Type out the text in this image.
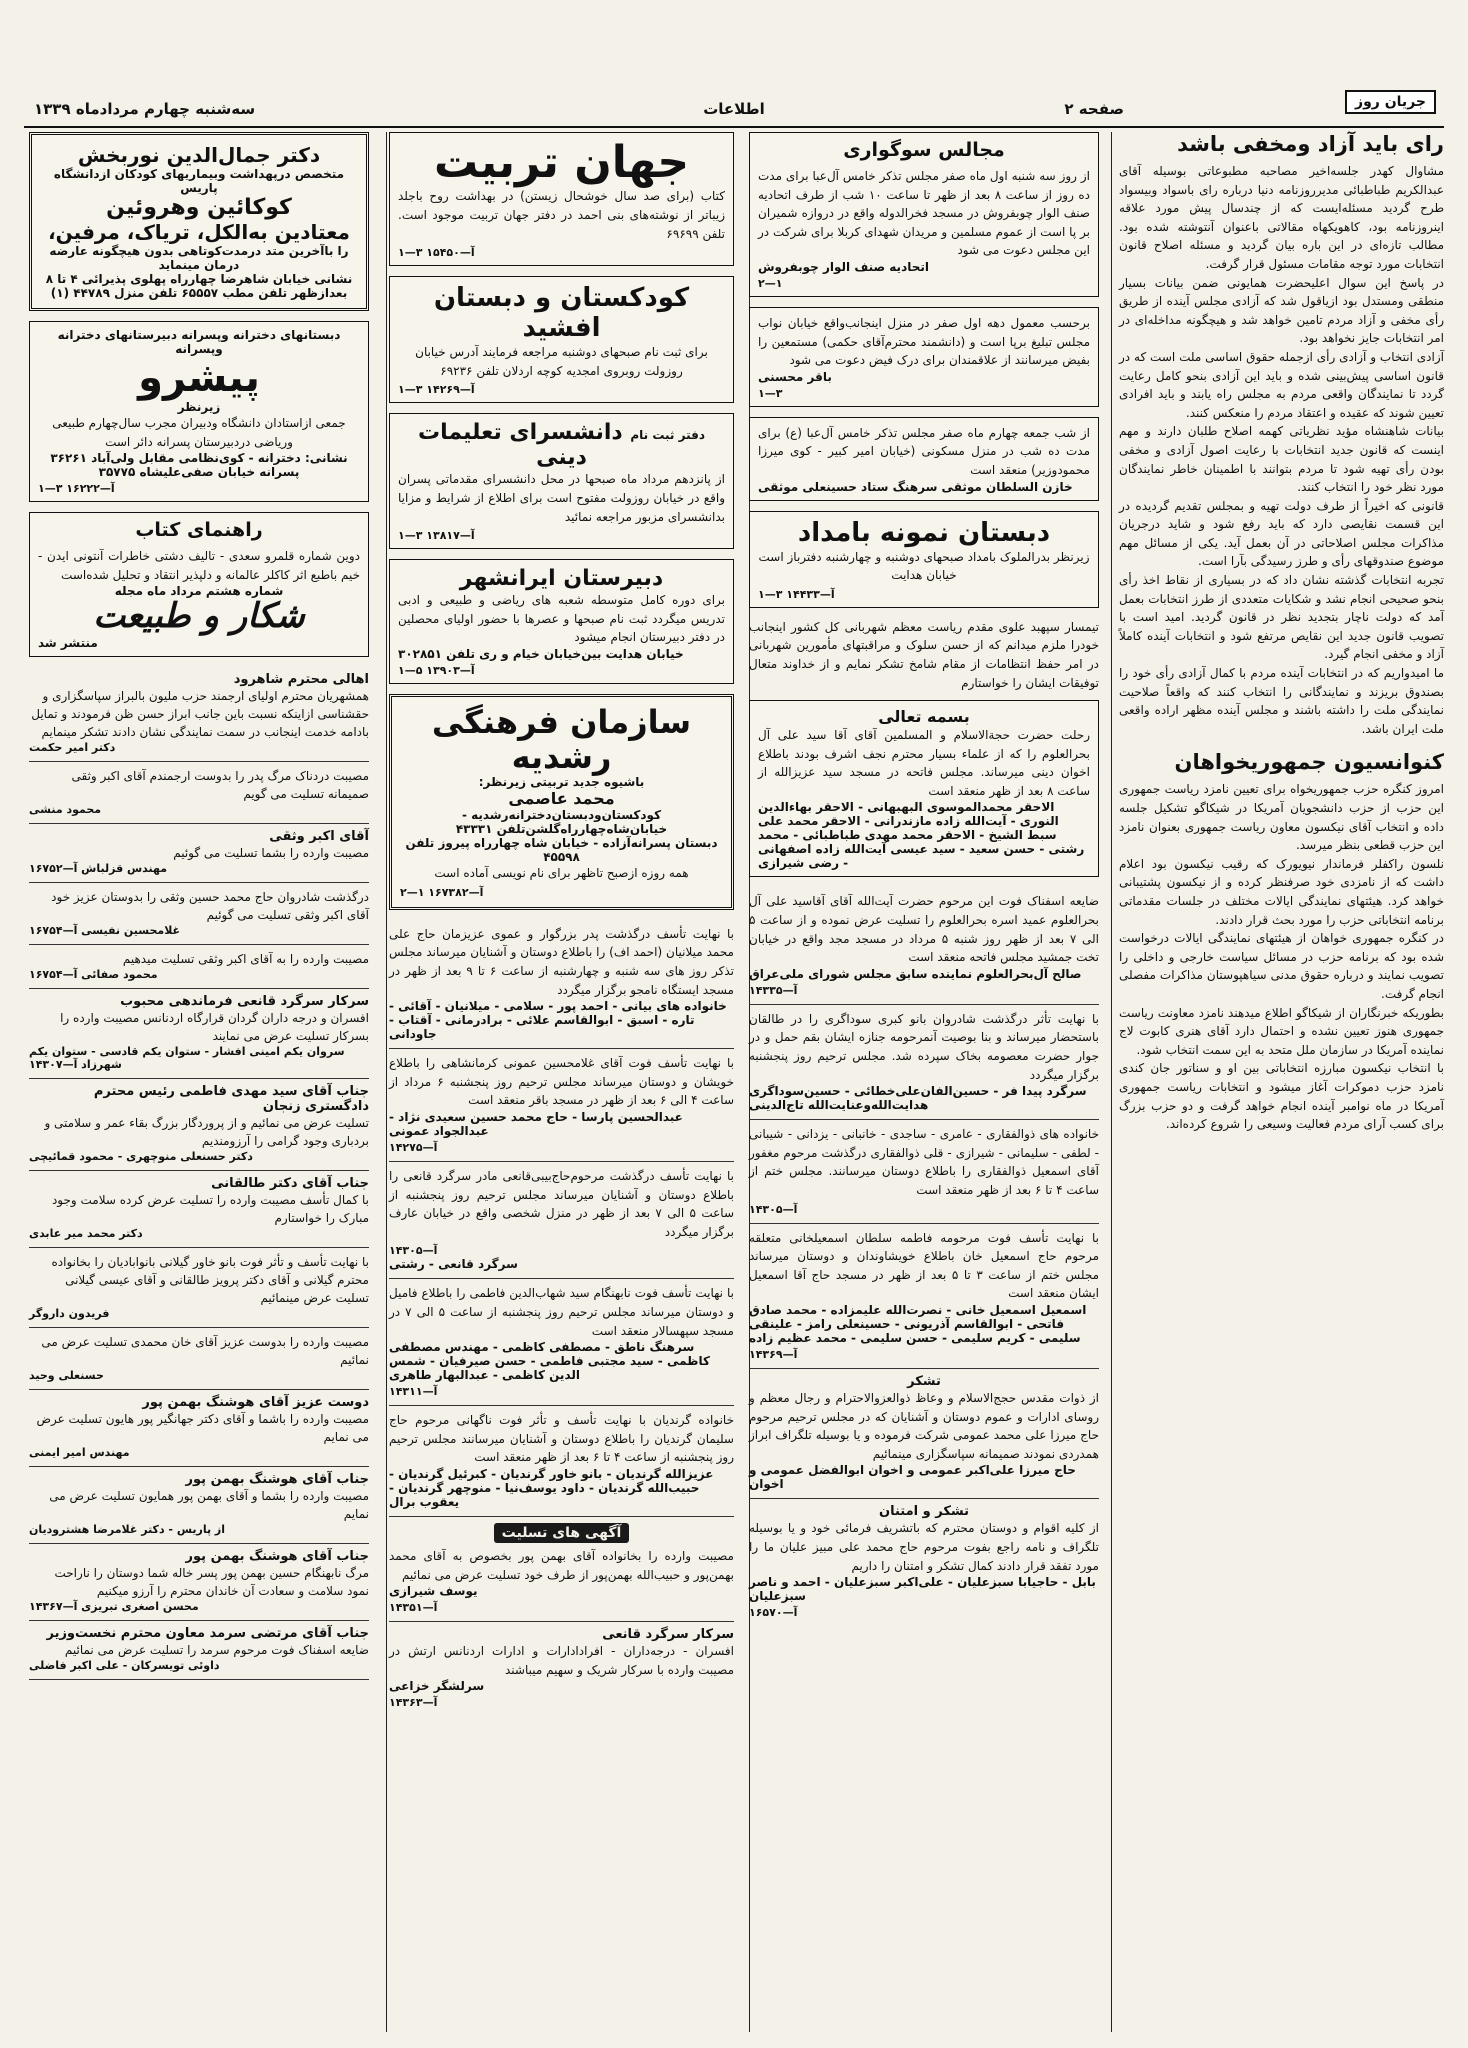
جریان روز
صفحه ۲
اطلاعات
سه‌شنبه چهارم مردادماه ۱۳۳۹
رای باید آزاد ومخفی باشد

مشاوال کهدر جلسه‌اخیر مصاحبه مطبوعاتی بوسیله آقای عبدالکریم طباطبائی مدیرروزنامه دنیا درباره رای باسواد وبیسواد طرح گردید مسئله‌ایست که از چندسال پیش مورد علاقه اینروزنامه بود، کاهویکهاه مقالاتی باعنوان آنتوشته شده بود. مطالب تازه‌ای در این باره بیان گردید و مسئله اصلاح قانون انتخابات مورد توجه مقامات مسئول قرار گرفت.

در پاسخ این سوال اعلیحضرت همایونی ضمن بیانات بسیار منطقی ومستدل بود ازیاقول شد که آزادی مجلس آینده از طریق رأی مخفی و آزاد مردم تامین خواهد شد و هیچگونه مداخله‌ای در امر انتخابات جایز نخواهد بود.

آزادی انتخاب و آزادی رأی ازجمله حقوق اساسی ملت است که در قانون اساسی پیش‌بینی شده و باید این آزادی بنحو کامل رعایت گردد تا نمایندگان واقعی مردم به مجلس راه یابند و باید افرادی تعیین شوند که عقیده و اعتقاد مردم را منعکس کنند.

بیانات شاهنشاه مؤید نظریاتی کهمه اصلاح طلبان دارند و مهم اینست که قانون جدید انتخابات با رعایت اصول آزادی و مخفی بودن رأی تهیه شود تا مردم بتوانند با اطمینان خاطر نمایندگان مورد نظر خود را انتخاب کنند.

قانونی که اخیراً از طرف دولت تهیه و بمجلس تقدیم گردیده در این قسمت نقایصی دارد که باید رفع شود و شاید درجریان مذاکرات مجلس اصلاحاتی در آن بعمل آید. یکی از مسائل مهم موضوع صندوقهای رأی و طرز رسیدگی بآرا است.

تجربه انتخابات گذشته نشان داد که در بسیاری از نقاط اخذ رأی بنحو صحیحی انجام نشد و شکایات متعددی از طرز انتخابات بعمل آمد که دولت ناچار بتجدید نظر در قانون گردید. امید است با تصویب قانون جدید این نقایص مرتفع شود و انتخابات آینده کاملاً آزاد و مخفی انجام گیرد.

ما امیدواریم که در انتخابات آینده مردم با کمال آزادی رأی خود را بصندوق بریزند و نمایندگانی را انتخاب کنند که واقعاً صلاحیت نمایندگی ملت را داشته باشند و مجلس آینده مظهر اراده واقعی ملت ایران باشد.

کنوانسیون جمهوریخواهان

امروز کنگره حزب جمهوریخواه برای تعیین نامزد ریاست جمهوری این حزب از حزب دانشجویان آمریکا در شیکاگو تشکیل جلسه داده و انتخاب آقای نیکسون معاون ریاست جمهوری بعنوان نامزد این حزب قطعی بنظر میرسد.

نلسون راکفلر فرماندار نیویورک که رقیب نیکسون بود اعلام داشت که از نامزدی خود صرفنظر کرده و از نیکسون پشتیبانی خواهد کرد. هیئتهای نمایندگی ایالات مختلف در جلسات مقدماتی برنامه انتخاباتی حزب را مورد بحث قرار دادند.

در کنگره جمهوری خواهان از هیئتهای نمایندگی ایالات درخواست شده بود که برنامه حزب در مسائل سیاست خارجی و داخلی را تصویب نمایند و درباره حقوق مدنی سیاهپوستان مذاکرات مفصلی انجام گرفت.

بطوریکه خبرنگاران از شیکاگو اطلاع میدهند نامزد معاونت ریاست جمهوری هنوز تعیین نشده و احتمال دارد آقای هنری کابوت لاج نماینده آمریکا در سازمان ملل متحد به این سمت انتخاب شود.

با انتخاب نیکسون مبارزه انتخاباتی بین او و سناتور جان کندی نامزد حزب دموکرات آغاز میشود و انتخابات ریاست جمهوری آمریکا در ماه نوامبر آینده انجام خواهد گرفت و دو حزب بزرگ برای کسب آرای مردم فعالیت وسیعی را شروع کرده‌اند.

مجالس سوگواری

از روز سه شنبه اول ماه صفر مجلس تذکر خامس آل‌عبا برای مدت ده روز از ساعت ۸ بعد از ظهر تا ساعت ۱۰ شب از طرف اتحادیه صنف الوار چوبفروش در مسجد فخرالدوله واقع در دروازه شمیران بر پا است از عموم مسلمین و مریدان شهدای کربلا برای شرکت در این مجلس دعوت می شود

اتحادیه صنف الوار چوبفروش
۲—۱

برحسب معمول دهه اول صفر در منزل اینجانب‌واقع خیابان نواب مجلس تبلیغ برپا است و (دانشمند محترم‌آقای حکمی) مستمعین را بفیض میرسانند از علاقمندان برای درک فیض دعوت می شود

باقر محسنی
۱—۳

از شب جمعه چهارم ماه صفر مجلس تذکر خامس آل‌عبا (ع) برای مدت ده شب در منزل مسکونی (خیابان امیر کبیر - کوی میرزا محمودوزیر) منعقد است

خازن السلطان موثقی سرهنگ ستاد حسینعلی موثقی
دبستان نمونه بامداد

زیرنظر بدرالملوک بامداد صبحهای دوشنبه و چهارشنبه دفترباز است خیابان هدایت

آ—۱۴۴۳۳ ۳—۱

تیمسار سپهبد علوی مقدم ریاست معظم شهربانی کل کشور اینجانب خودرا ملزم میدانم که از حسن سلوک و مراقبتهای مأمورین شهربانی در امر حفظ انتظامات از مقام شامخ تشکر نمایم و از خداوند متعال توفیقات ایشان را خواستارم

بسمه تعالی

رحلت حضرت حجة‌الاسلام و المسلمین آقای آقا سید علی آل بحرالعلوم را که از علماء بسیار محترم نجف اشرف بودند باطلاع اخوان دینی میرساند. مجلس فاتحه در مسجد سید عزیزالله از ساعت ۸ بعد از ظهر منعقد است

الاحقر محمدالموسوی البهبهانی - الاحقر بهاءالدین النوری - آیت‌الله زاده مازندرانی - الاحقر محمد علی سبط الشیخ - الاحقر محمد مهدی طباطبائی - محمد رشتی - حسن سعید - سید عیسی آیت‌الله زاده اصفهانی - رضی شیرازی

ضایعه اسفناک فوت این مرحوم حضرت آیت‌الله آقای آقاسید علی آل بحرالعلوم عمید اسره بحرالعلوم را تسلیت عرض نموده و از ساعت ۵ الی ۷ بعد از ظهر روز شنبه ۵ مرداد در مسجد مجد واقع در خیابان تخت جمشید مجلس فاتحه منعقد است

صالح آل‌بحرالعلوم نماینده سابق مجلس شورای ملی‌عراق
آ—۱۴۳۳۵

با نهایت تأثر درگذشت شادروان بانو کبری سوداگری را در طالقان باستحضار میرساند و بنا بوصیت آنمرحومه جنازه ایشان بقم حمل و در جوار حضرت معصومه بخاک سپرده شد. مجلس ترحیم روز پنجشنبه برگزار میگردد

سرگرد پیدا فر - حسین‌الفان‌علی‌خطائی - حسین‌سوداگری هدایت‌الله‌وعنایت‌الله تاج‌الدینی

خانواده های ذوالفقاری - عامری - ساجدی - خانبانی - یزدانی - شیبانی - لطفی - سلیمانی - شیرازی - قلی ذوالفقاری درگذشت مرحوم مغفور آقای اسمعیل ذوالفقاری را باطلاع دوستان میرسانند. مجلس ختم از ساعت ۴ تا ۶ بعد از ظهر منعقد است

آ—۱۴۳۰۵

با نهایت تأسف فوت مرحومه فاطمه سلطان اسمعیلخانی متعلقه مرحوم حاج اسمعیل خان باطلاع خویشاوندان و دوستان میرساند مجلس ختم از ساعت ۳ تا ۵ بعد از ظهر در مسجد حاج آقا اسمعیل ایشان منعقد است

اسمعیل اسمعیل خانی - نصرت‌الله علیمزاده - محمد صادق فاتحی - ابوالقاسم آذریونی - حسینعلی رامز - علینقی سلیمی - کریم سلیمی - حسن سلیمی - محمد عظیم زاده
آ—۱۴۳۶۹
تشکر

از ذوات مقدس حجج‌الاسلام و وعاظ ذوالعزوالاحترام و رجال معظم و روسای ادارات و عموم دوستان و آشنایان که در مجلس ترحیم مرحوم حاج میرزا علی محمد عمومی شرکت فرموده و یا بوسیله تلگراف ابراز همدردی نمودند صمیمانه سپاسگزاری مینمائیم

حاج میرزا علی‌اکبر عمومی و اخوان ابوالفضل عمومی و اخوان
تشکر و امتنان

از کلیه اقوام و دوستان محترم که باتشریف فرمائی خود و یا بوسیله تلگراف و نامه راجع بفوت مرحوم حاج محمد علی مبیز علیان ما را مورد تفقد قرار دادند کمال تشکر و امتنان را داریم

بابل - حاجیابا سبزعلیان - علی‌اکبر سبزعلیان - احمد و ناصر سبزعلیان
آ—۱۶۵۷۰
جهان تربیت

کتاب (برای صد سال خوشحال زیستن) در بهداشت روح باجلد زیباتر از نوشته‌های بنی احمد در دفتر جهان تربیت موجود است. تلفن ۶۹۶۹۹

آ—۱۵۴۵۰ ۳—۱
کودکستان و دبستان افشید

برای ثبت نام صبحهای دوشنبه مراجعه فرمایند آدرس خیابان روزولت روبروی امجدیه کوچه اردلان تلفن ۶۹۲۳۶

آ—۱۴۲۶۹ ۳—۱
دفتر ثبت نام دانشسرای تعلیمات دینی

از پانزدهم مرداد ماه صبحها در محل دانشسرای مقدماتی پسران واقع در خیابان روزولت مفتوح است برای اطلاع از شرایط و مزایا بدانشسرای مزبور مراجعه نمائید

آ—۱۳۸۱۷ ۳—۱
دبیرستان ایرانشهر

برای دوره کامل متوسطه شعبه های ریاضی و طبیعی و ادبی تدریس میگردد ثبت نام صبحها و عصرها با حضور اولیای محصلین در دفتر دبیرستان انجام میشود

خیابان هدایت بین‌خیابان خیام و ری تلفن ۳۰۲۸۵۱
آ—۱۳۹۰۳ ۵—۱
سازمان فرهنگی رشدیه
باشیوه جدید تربیتی زیرنظر:
محمد عاصمی
کودکستان‌ودبستان‌دخترانه‌رشدیه - خیابان‌شاه‌چهارراه‌گلشن‌تلفن ۴۳۳۳۱
دبستان پسرانه‌آزاده - خیابان شاه چهارراه پیروز تلفن ۴۵۵۹۸
همه روزه ازصبح تاظهر برای نام نویسی آماده است
آ—۱۶۷۳۸۲ ۱—۲

با نهایت تأسف درگذشت پدر بزرگوار و عموی عزیزمان حاج علی محمد میلانیان (احمد اف) را باطلاع دوستان و آشنایان میرساند مجلس تذکر روز های سه شنبه و چهارشنبه از ساعت ۶ تا ۹ بعد از ظهر در مسجد ایستگاه نامجو برگزار میگردد

خانواده های بیانی - احمد پور - سلامی - میلانیان - آقائی - تاره - اسبق - ابوالقاسم علائی - برادرمانی - آقتاب - جاودانی

با نهایت تأسف فوت آقای غلامحسین عمونی کرمانشاهی را باطلاع خویشان و دوستان میرساند مجلس ترحیم روز پنجشنبه ۶ مرداد از ساعت ۴ الی ۶ بعد از ظهر در مسجد باقر منعقد است

عبدالحسین پارسا - حاج محمد حسین سعیدی نژاد - عبدالجواد عمونی
آ—۱۴۲۷۵

با نهایت تأسف درگذشت مرحوم‌حاج‌بیبی‌قانعی مادر سرگرد قانعی را باطلاع دوستان و آشنایان میرساند مجلس ترحیم روز پنجشنبه از ساعت ۵ الی ۷ بعد از ظهر در منزل شخصی واقع در خیابان عارف برگزار میگردد

آ—۱۴۳۰۵
سرگرد قانعی - رشتی

با نهایت تأسف فوت نابهنگام سید شهاب‌الدین فاطمی را باطلاع فامیل و دوستان میرساند مجلس ترحیم روز پنجشنبه از ساعت ۵ الی ۷ در مسجد سپهسالار منعقد است

سرهنگ ناطق - مصطفی کاظمی - مهندس مصطفی کاظمی - سید مجتبی فاطمی - حسن صیرفیان - شمس الدین کاظمی - عبدالبهار طاهری
آ—۱۴۳۱۱

خانواده گرندیان با نهایت تأسف و تأثر فوت ناگهانی مرحوم حاج سلیمان گرندیان را باطلاع دوستان و آشنایان میرسانند مجلس ترحیم روز پنجشنبه از ساعت ۴ تا ۶ بعد از ظهر منعقد است

عزیزالله گرندیان - بانو خاور گرندیان - کبرئیل گرندیان - حبیب‌الله گرندیان - داود یوسف‌نیا - منوچهر گرندیان - یعقوب برال
آگهی های تسلیت

مصیبت وارده را بخانواده آقای بهمن پور بخصوص به آقای محمد بهمن‌پور و حبیب‌الله بهمن‌پور از طرف خود تسلیت عرض می نمائیم

یوسف شیرازی
آ—۱۴۳۵۱
سرکار سرگرد قانعی

افسران - درجه‌داران - افرادادارات و ادارات اردنانس ارتش در مصیبت وارده با سرکار شریک و سهیم میباشند

سرلشگر خزاعی
آ—۱۴۳۶۳
دکتر جمال‌الدین نوربخش
متخصص درپهداشت وبیماریهای کودکان ازدانشگاه پاریس
کوکائین وهروئین
معتادین به‌الکل، تریاک، مرفین،
را باآخرین متد درمدت‌کوتاهی بدون هیچگونه عارضه درمان مینماید
نشانی خیابان شاهرضا چهارراه پهلوی پذیرائی ۴ تا ۸ بعدازظهر تلفن مطب ۶۵۵۵۷ تلفن منزل ۴۴۷۸۹ (۱)
دبستانهای دخترانه وپسرانه دبیرستانهای دخترانه وپسرانه
پیشرو
زیرنظر

جمعی ازاستادان دانشگاه ودبیران مجرب سال‌چهارم طبیعی وریاضی دردبیرستان پسرانه دائر است

نشانی: دخترانه - کوی‌نظامی مقابل ولی‌آباد ۳۶۲۶۱ پسرانه خیابان صفی‌علیشاه ۳۵۷۷۵
آ—۱۶۲۲۲ ۳—۱
راهنمای کتاب

دوین شماره قلمرو سعدی - تالیف دشتی خاطرات آنتونی ایدن - خیم باطبع اثر کاکلر عالمانه و دلپذیر انتقاد و تحلیل شده‌است

شماره هشتم مرداد ماه مجله
شکار و طبیعت
منتشر شد
اهالی محترم شاهرود
همشهریان محترم اولیای ارجمند حزب ملیون بالبراز سپاسگزاری و حقشناسی ازاینکه نسبت باین جانب ابراز حسن ظن فرمودند و تمایل بادامه خدمت اینجانب در سمت نمایندگی نشان دادند تشکر مینمایم
دکتر امیر حکمت
مصیبت دردناک مرگ پدر را بدوست ارجمندم آقای اکبر وثقی صمیمانه تسلیت می گویم
محمود منشی
آقای اکبر وثقی
مصیبت وارده را بشما تسلیت می گوئیم
مهندس قزلباش آ—۱۶۷۵۲
درگذشت شادروان حاج محمد حسین وثقی را بدوستان عزیز خود آقای اکبر وثقی تسلیت می گوئیم
غلامحسین نفیسی آ—۱۶۷۵۴
مصیبت وارده را به آقای اکبر وثقی تسلیت میدهیم
محمود صفائی آ—۱۶۷۵۴
سرکار سرگرد قانعی فرماندهی محبوب
افسران و درجه داران گردان قرارگاه اردنانس مصیبت وارده را بسرکار تسلیت عرض می نمایند
سروان یکم امینی افشار - ستوان یکم قادسی - ستوان یکم شهرزاد آ—۱۴۳۰۷
جناب آقای سید مهدی فاطمی رئیس محترم دادگستری زنجان
تسلیت عرض می نمائیم و از پروردگار بزرگ بقاء عمر و سلامتی و بردباری وجود گرامی را آرزومندیم
دکتر حسنعلی منوچهری - محمود قمائیچی
جناب آقای دکتر طالقانی
با کمال تأسف مصیبت وارده را تسلیت عرض کرده سلامت وجود مبارک را خواستارم
دکتر محمد میر عابدی
با نهایت تأسف و تأثر فوت بانو خاور گیلانی بانوابادیان را بخانواده محترم گیلانی و آقای دکتر پرویز طالقانی و آقای عیسی گیلانی تسلیت عرض مینمائیم
فریدون داروگر
مصیبت وارده را بدوست عزیز آقای خان محمدی تسلیت عرض می نمائیم
حسنعلی وحید
دوست عزیز آقای هوشنگ بهمن پور
مصیبت وارده را باشما و آقای دکتر جهانگیر پور هایون تسلیت عرض می نمایم
مهندس امیر ایمنی
جناب آقای هوشنگ بهمن پور
مصیبت وارده را بشما و آقای بهمن پور همایون تسلیت عرض می نمایم
از پاریس - دکتر غلامرضا هشترودیان
جناب آقای هوشنگ بهمن پور
مرگ نابهنگام حسین بهمن پور پسر خاله شما دوستان را ناراحت نمود سلامت و سعادت آن خاندان محترم را آرزو میکنیم
محسن اصغری تبریزی آ—۱۴۳۶۷
جناب آقای مرتضی سرمد معاون محترم نخست‌وزیر
ضایعه اسفناک فوت مرحوم سرمد را تسلیت عرض می نمائیم
داوئی تویسرکان - علی اکبر فاضلی
